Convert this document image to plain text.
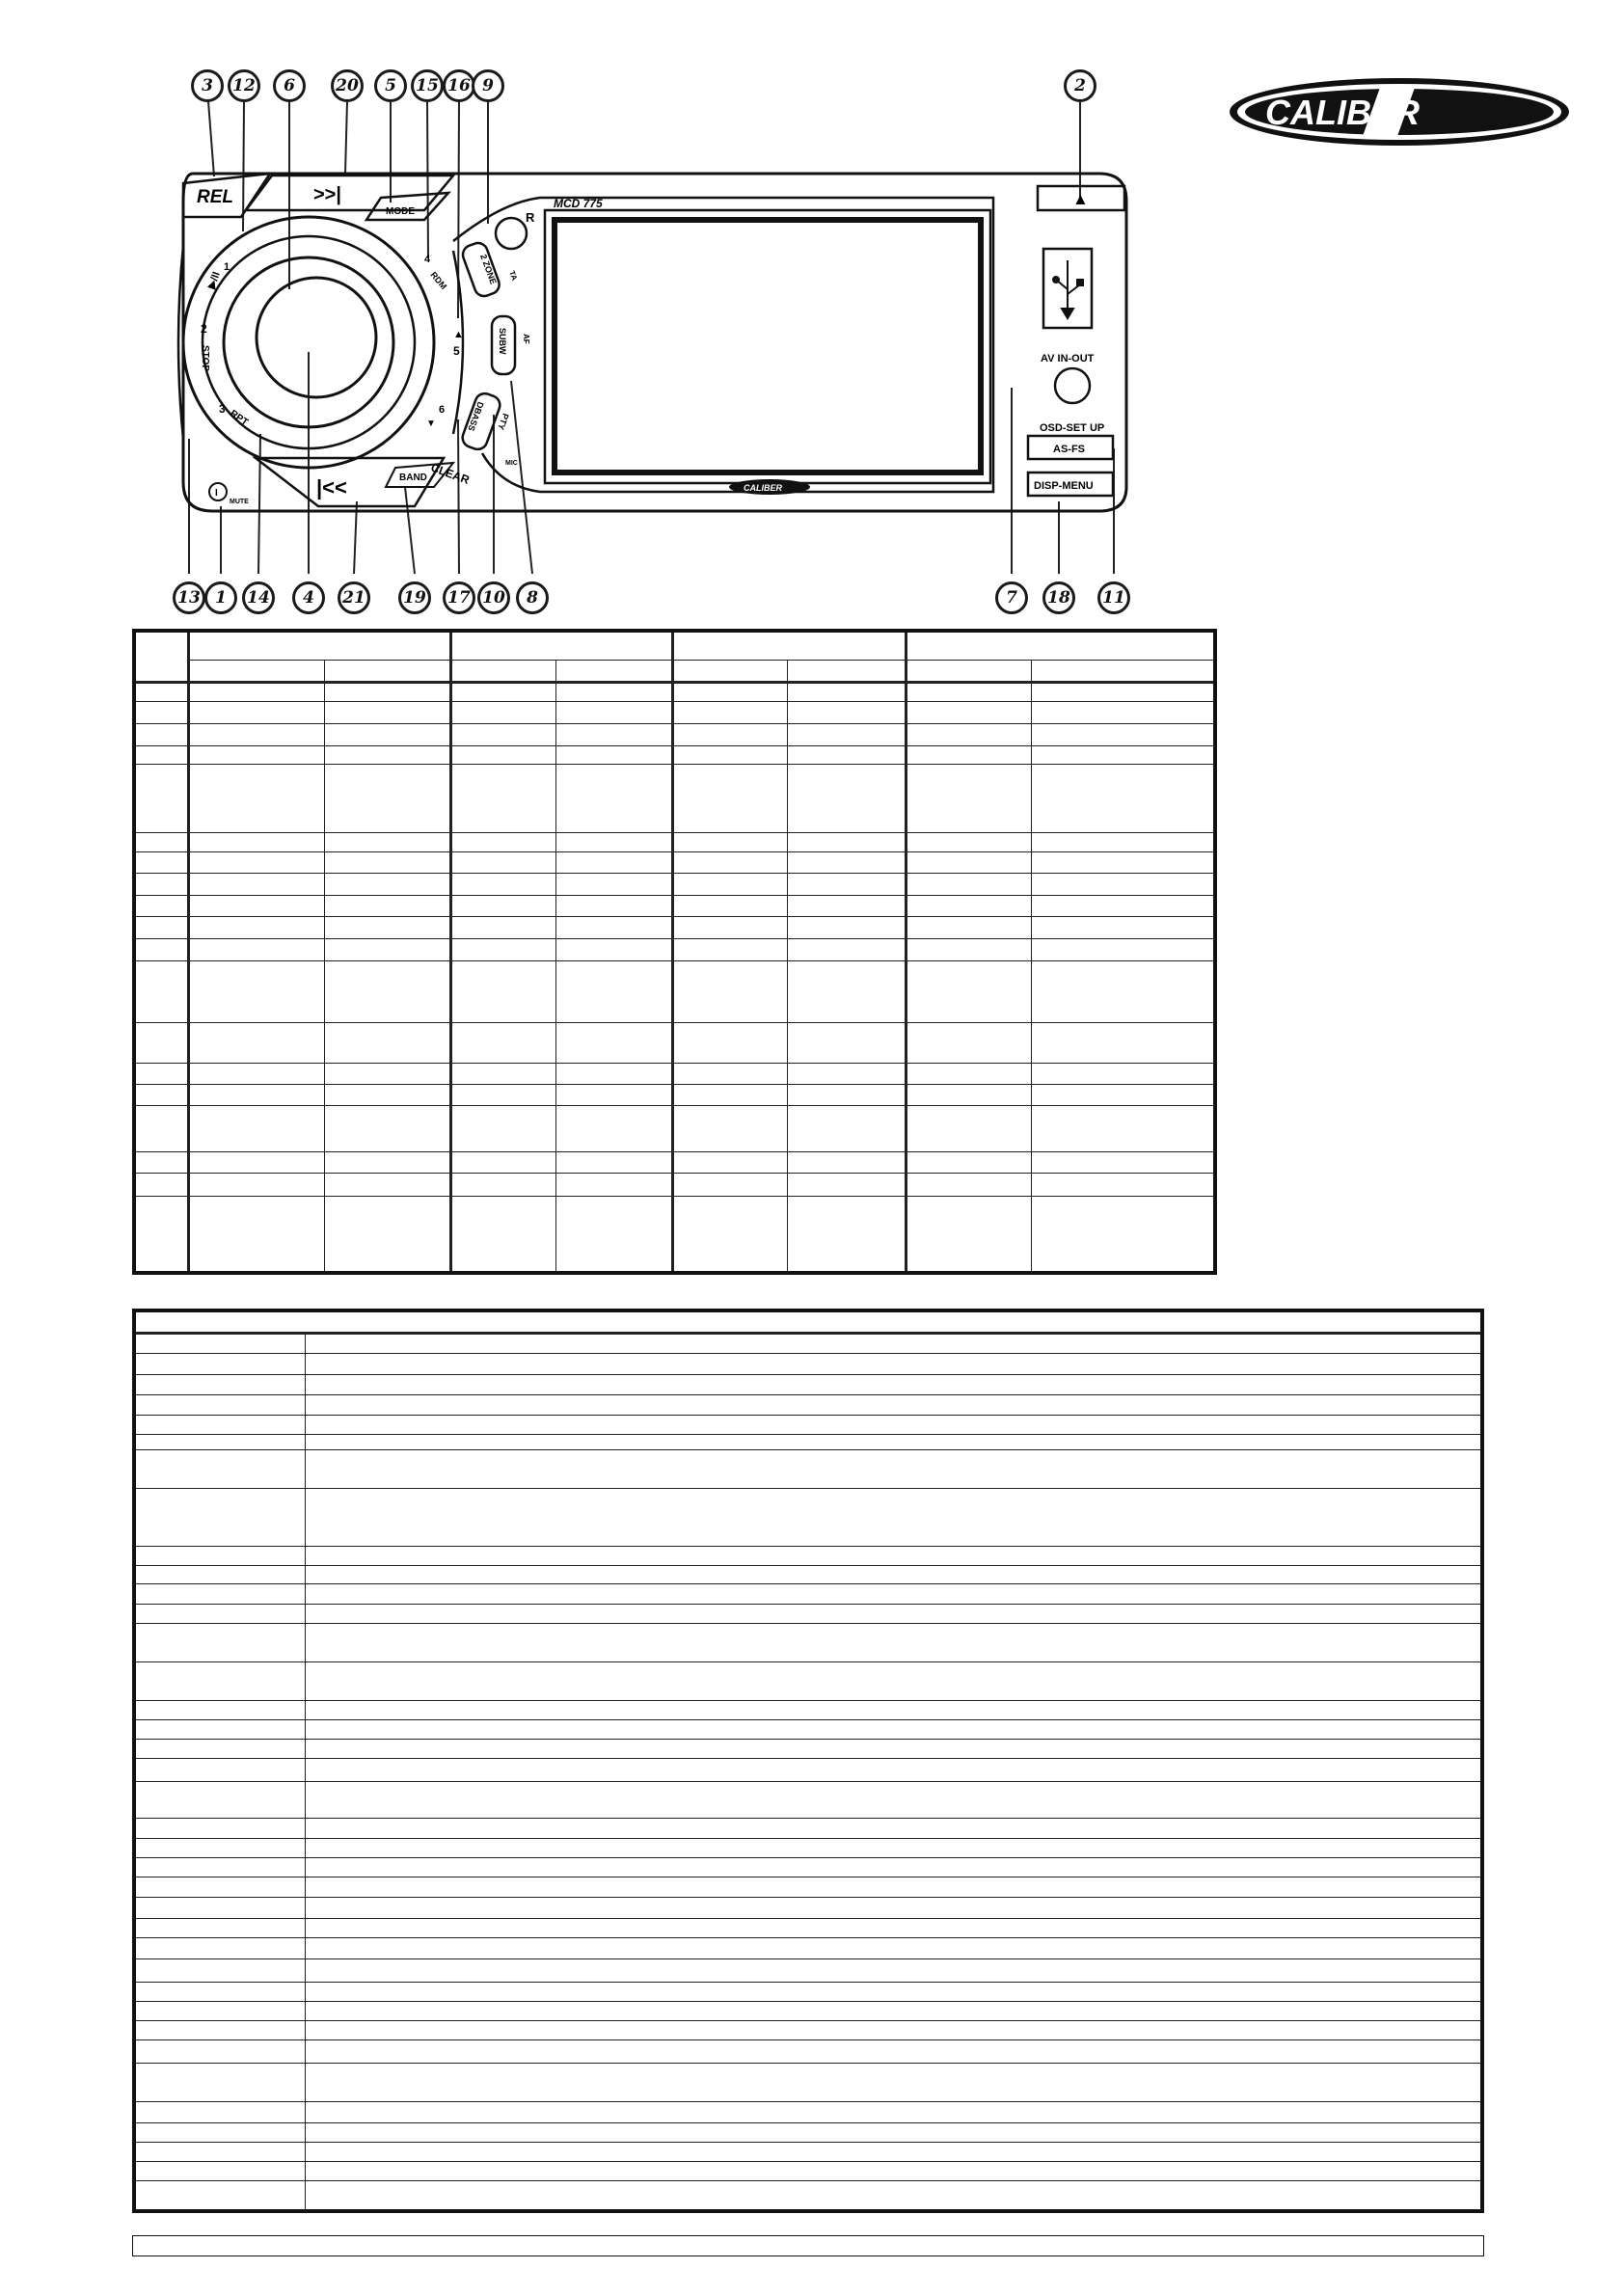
REL	>>|
MODE
▶/II
1
2
STOP
3 RPT
4
RDM
▲
5
6
▼
|<<	BAND CLEAR
I
MUTE
R
2 ZONE TA
SUBW AF
DBASS PTY
MIC
MCD 775
CALIBER
▲
AV IN-OUT
OSD-SET UP
AS-FS
DISP-MENU
CALIBER
3	12	6	20	5	15 16 9	2
13 1	14	4	21	19	17 10	8	7	18	11
